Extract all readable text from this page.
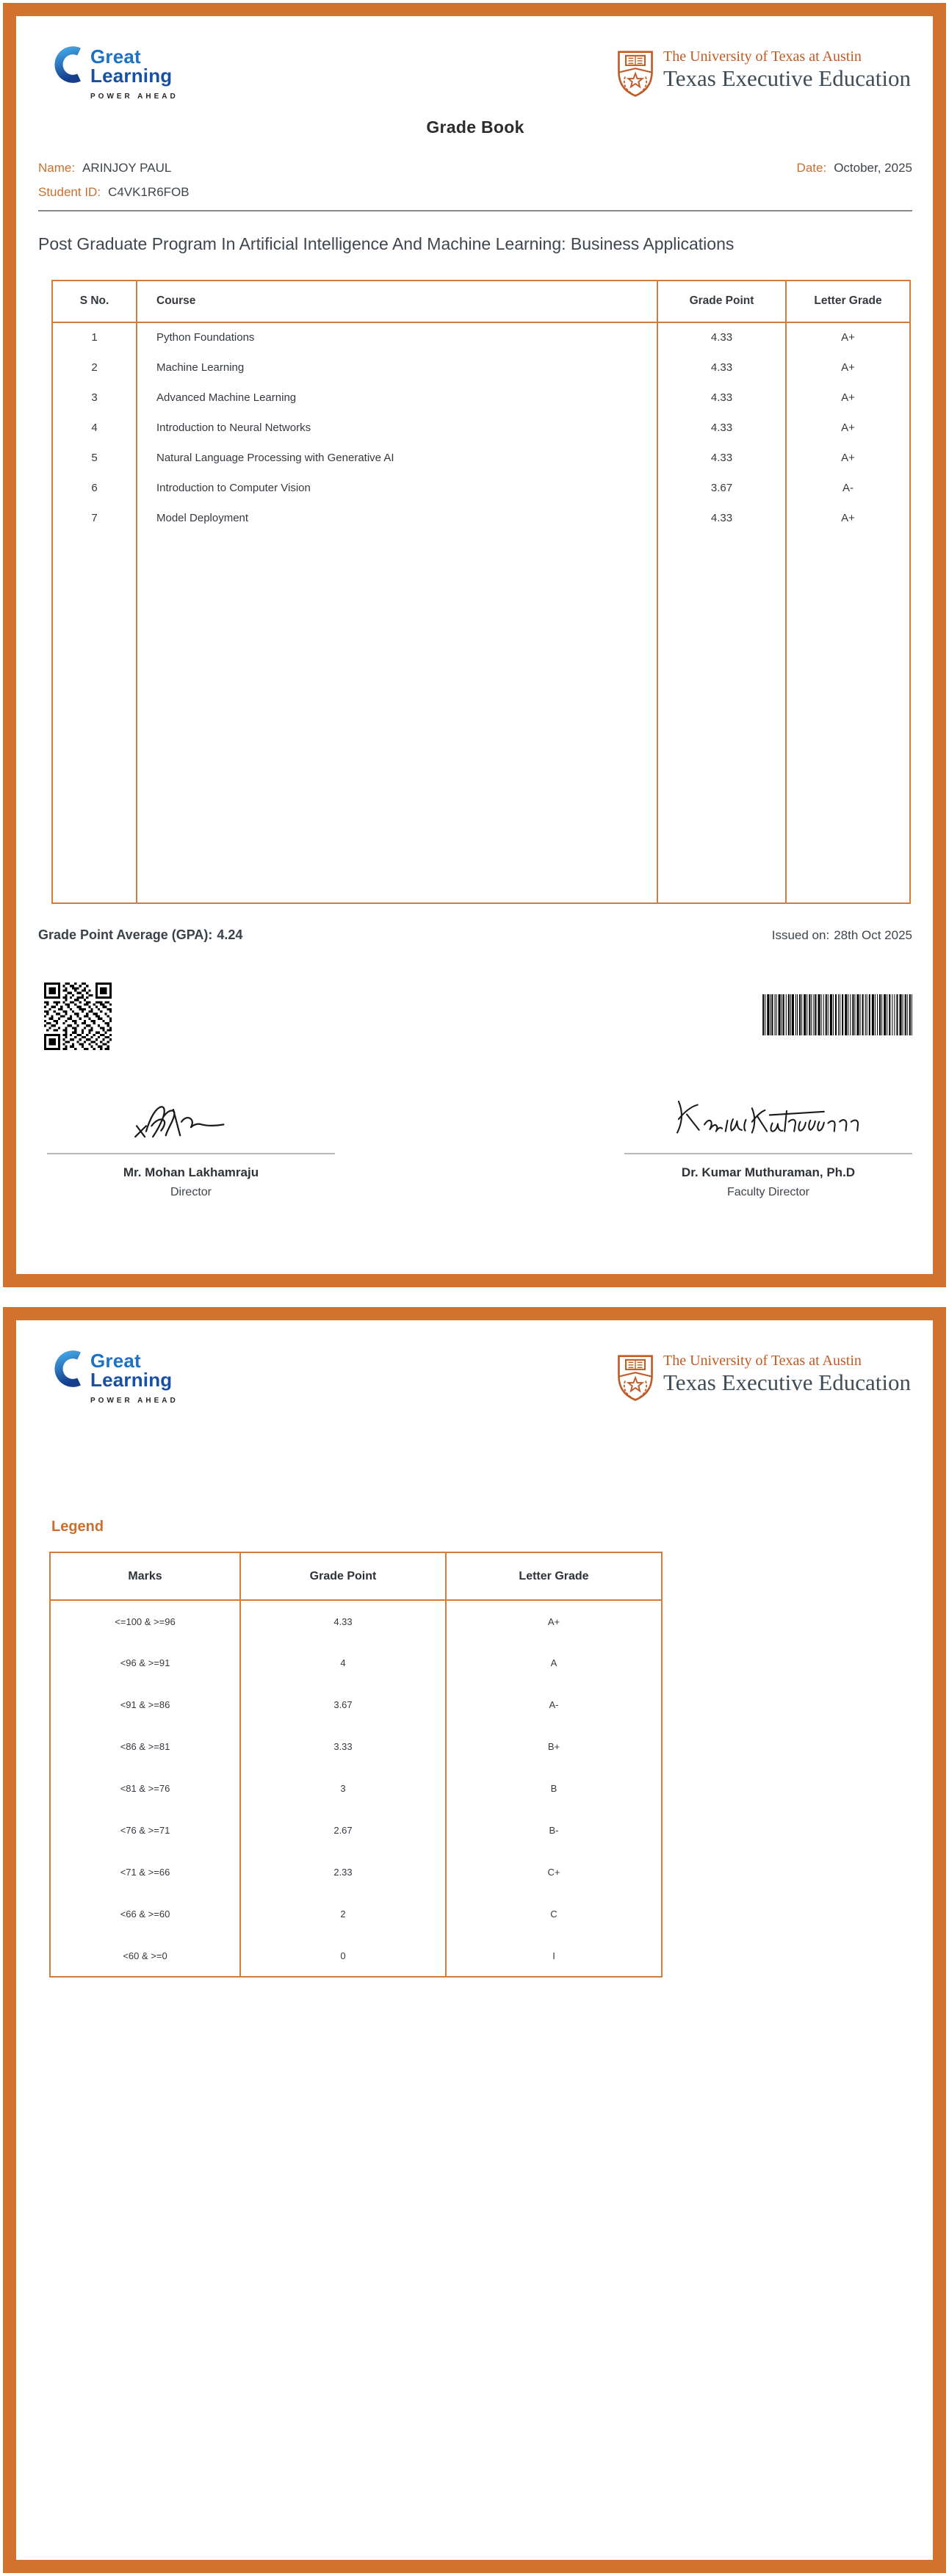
Great
Learning
POWER AHEAD
The University of Texas at Austin
Texas Executive Education
Grade Book
Name: ARINJOY PAUL	Date: October, 2025
Student ID: C4VK1R6FOB
Post Graduate Program In Artificial Intelligence And Machine Learning: Business Applications
S No.	Course	Grade Point	Letter Grade
1	Python Foundations	4.33	A+
2	Machine Learning	4.33	A+
3	Advanced Machine Learning	4.33	A+
4	Introduction to Neural Networks	4.33	A+
5	Natural Language Processing with Generative AI	4.33	A+
6	Introduction to Computer Vision	3.67	A-
7	Model Deployment	4.33	A+

Grade Point Average (GPA): 4.24	Issued on: 28th Oct 2025
Mr. Mohan Lakhamraju
Director
Dr. Kumar Muthuraman, Ph.D
Faculty Director
Great
Learning
POWER AHEAD
The University of Texas at Austin
Texas Executive Education
Legend
Marks	Grade Point	Letter Grade
<=100 & >=96	4.33	A+
<96 & >=91	4	A
<91 & >=86	3.67	A-
<86 & >=81	3.33	B+
<81 & >=76	3	B
<76 & >=71	2.67	B-
<71 & >=66	2.33	C+
<66 & >=60	2	C
<60 & >=0	0	I
